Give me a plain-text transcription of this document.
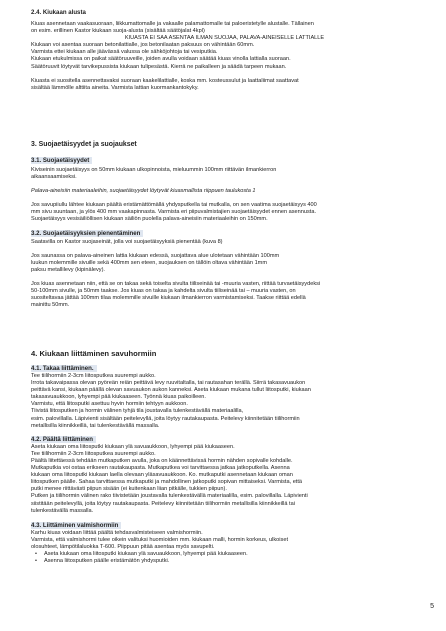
2.4. Kiukaan alusta

Kiuas asennetaan vaakasuoraan, liikkumattomalle ja vakaalle palamattomalle tai paloeristetylle alustalle. Tällainen

on esim. erillinen Kastor kiukaan suoja-alusta (sisältää säätöjalat 4kpl)

KIUASTA EI SAA ASENTAA ILMAN SUOJAA, PALAVA-AINEISELLE LATTIALLE

Kiukaan voi asentaa suoraan betonilattialle, jos betonilaatan paksuus on vähintään 60mm.

Varmista ettei kiukaan alle jäävässä valussa ole sähköjohtoja tai vesiputkia.

Kiukaan etukulmissa on paikat säätöruuveille, joiden avulla voidaan säätää kiuas vinolla lattialla suoraan.

Säätöruuvit löytyvät tarvikepussista kiukaan tulipesästä. Kierrä ne paikalleen ja säädä tarpeen mukaan.

Kiuasta ei suositella asennettavaksi suoraan kaakelilattialle, koska mm. kosteussulut ja laattaliimat saattavat

sisältää lämmölle alttiita aineita. Varmista lattian kuormankantokyky.

3. Suojaetäisyydet ja suojaukset

3.1. Suojaetäisyydet

Kiviseinin suojaetäisyys on 50mm kiukaan ulkopinnoista, mieluummin 100mm riittävän ilmankierron

aikaansaamiseksi.

Palava-aineisiin materiaaleihin, suojaetäisyydet löytyvät kiuasmallista riippuen taulukosta 1

Jos savupiiullu lähtee kiukaan päältä eristämättömällä yhdysputkella tai mutkalla, on sen vaatima suojaetäisyys 400

mm sivu suuntaan, ja ylös 400 mm vaakapinnasta. Varmista eri piipuvalmistajien suojaetäisyydet ennen asennusta.

Suojaetäisyys vesisäiliöllisen kiukaan säiliön puolella palava-aineisiin materiaaleihin on 150mm.

3.2. Suojaetäisyyksien pienentäminen

Saatavilla on Kastor suojaseinät, jolla voi suojaetäisyyksiä pienentää (kuva 8)

Jos saunassa on palava-aineinen lattia kiukaan edessä, suojattava alue ulotetaan vähintään 100mm

luukun molemmille sivuille sekä 400mm sen eteen, suojauksen on tällöin oltava vähintään 1mm

paksu metallilevy (kipinälevy).

Jos kiuas asennetaan niin, että se on takaa sekä toiselta sivulta tiiliseinää tai -muuria vasten, riittää turvaetäisyydeksi

50-100mm sivulle, ja 50mm taakse. Jos kiuas on takaa ja kahdelta sivulta tiiliseinää tai – muuria vasten, on

suositeltavaa jättää 100mm tilaa molemmille sivuille kiukaan ilmankierron varmistamiseksi. Taakse riittää edellä

mainittu 50mm.

4. Kiukaan liittäminen savuhormiin

4.1. Takaa liittäminen.

Tee tiilihormiin 2-3cm liitosputkea suurempi aukko.

Irrota takavaipassa olevan pyöreän reiän peittävä levy ruuvitaltalla, tai rautasahan terällä. Siirrä takasavuaukon

peittävä kansi, kiukaan päällä olevan savuaukon aukon kanneksi. Aseta kiukaan mukana tullut liitosputki, kiukaan

takasavuaukkoon, lyhyempi pää kiukaaseen. Työnnä kiuas paikoilleen.

Varmistu, että liitosputki asettuu hyvin hormiin tehtyyn aukkoon.

Tiivistä liitosputken ja hormin välinen tyhjä tila joustavalla tulenkestävällä materiaalilla,

esim. palovillalla. Läpivienti sisältään peitelevyllä, joita löytyy rautakaupasta. Peitelevy kiinnitetään tiilihormiin

metallisilla kiinnikkeillä, tai tulenkestävällä massalla.

4.2. Päältä liittäminen

Aseta kiukaan oma liitosputki kiukaan ylä savuaukkoon, lyhyempi pää kiukaaseen.

Tee tiilihormiin 2-3cm liitosputkea suurempi aukko.

Päältä liitettäessä tehdään mutkaputken avulla, joka on käännettävissä hormin nähden sopivalle kohdalle.

Mutkaputkia voi ostaa erikseen rautakaupasta. Mutkaputkea voi tarvittaessa jatkaa jatkoputkella. Asenna

kiukaan oma liitosputki kiukaan laella olevaan yläsavuaukkoon. Ko. mutkaputki asennetaan kiukaan oman

liitosputken päälle. Sahaa tarvittaessa mutkaputki ja mahdollinen jatkoputki sopivan mittaiseksi. Varmista, että

putki menee riittävästi piipun sisään (ei kuitenkaan liian pitkälle, tukkien piipun).

Putken ja tiilihormin välinen rako tiivistetään joustavalla tulenkestävällä materiaalilla, esim. palovillalla. Läpivienti

siistitään peitelevyllä, joita löytyy rautakaupasta. Peitelevy kiinnitetään tiilihormiin metallisilla kiinnikkeillä tai

tulenkestävällä massalla.

4.3. Liittäminen valmishormiin

Karhu kiuas voidaan liittää päältä tehdasvalmisteiseen valmishormiin.

Varmista, että valmishormi tulee oikein valituksi huomioiden mm. kiukaan malli, hormin korkeus, ulkoiset

olosuhteet, lämpötilaluokka T-600. Piippuun pitää asentaa myös savupelti.

• Aseta kiukaan oma liitosputki kiukaan ylä savuaukkoon, lyhyempi pää kiukaaseen.
• Asenna liitosputken päälle eristämätön yhdysputki.
5
